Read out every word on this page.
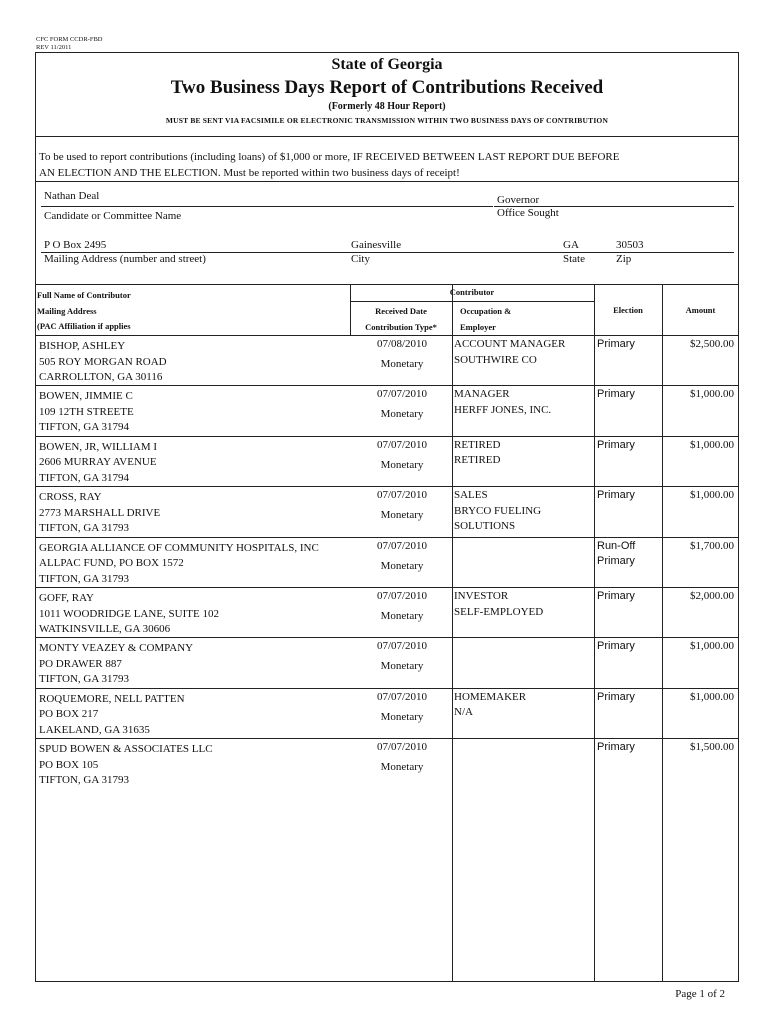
CFC FORM CCDR-FBD
REV 11/2011
State of Georgia
Two Business Days Report of Contributions Received
(Formerly 48 Hour Report)
MUST BE SENT VIA FACSIMILE OR ELECTRONIC TRANSMISSION WITHIN TWO BUSINESS DAYS OF CONTRIBUTION
To be used to report contributions (including loans) of $1,000 or more, IF RECEIVED BETWEEN LAST REPORT DUE BEFORE
AN ELECTION AND THE ELECTION. Must be reported within two business days of receipt!
Nathan Deal
Candidate or Committee Name
Governor
Office Sought
P O Box 2495
Mailing Address (number and street)
Gainesville
City
GA
State
30503
Zip
Full Name of Contributor
Mailing Address
(PAC Affiliation if applies
Contributor
Received Date
Contribution Type*
Occupation &
Employer
Election	Amount
BISHOP, ASHLEY
505 ROY MORGAN ROAD
CARROLLTON, GA 30116
07/08/2010
Monetary
ACCOUNT MANAGER
SOUTHWIRE CO
Primary	$2,500.00
BOWEN, JIMMIE C
109 12TH STREETE
TIFTON, GA 31794
07/07/2010
Monetary
MANAGER
HERFF JONES, INC.
Primary	$1,000.00
BOWEN, JR, WILLIAM I
2606 MURRAY AVENUE
TIFTON, GA 31794
07/07/2010
Monetary
RETIRED
RETIRED
Primary	$1,000.00
CROSS, RAY
2773 MARSHALL DRIVE
TIFTON, GA 31793
07/07/2010
Monetary
SALES
BRYCO FUELING
SOLUTIONS
Primary	$1,000.00
GEORGIA ALLIANCE OF COMMUNITY HOSPITALS, INC
ALLPAC FUND, PO BOX 1572
TIFTON, GA 31793
07/07/2010
Monetary
Run-Off
Primary
$1,700.00
GOFF, RAY
1011 WOODRIDGE LANE, SUITE 102
WATKINSVILLE, GA 30606
07/07/2010
Monetary
INVESTOR
SELF-EMPLOYED
Primary	$2,000.00
MONTY VEAZEY & COMPANY
PO DRAWER 887
TIFTON, GA 31793
07/07/2010
Monetary
Primary	$1,000.00
ROQUEMORE, NELL PATTEN
PO BOX 217
LAKELAND, GA 31635
07/07/2010
Monetary
HOMEMAKER
N/A
Primary	$1,000.00
SPUD BOWEN & ASSOCIATES LLC
PO BOX 105
TIFTON, GA 31793
07/07/2010
Monetary
Primary	$1,500.00
Page 1 of 2
